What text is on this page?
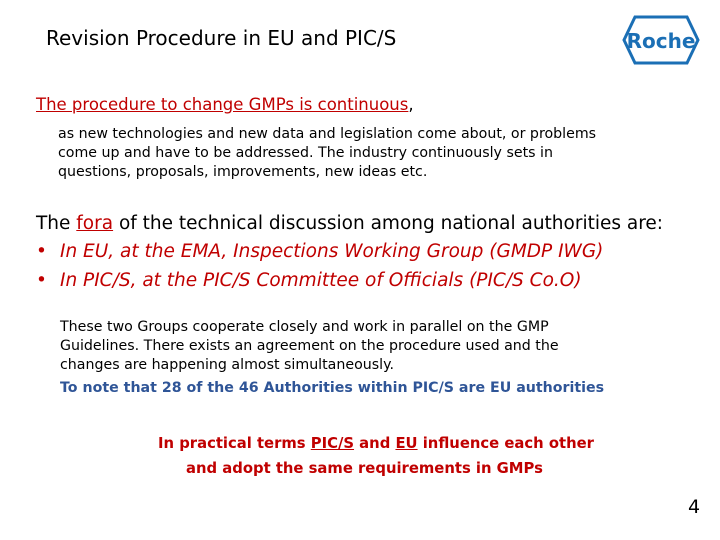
Revision Procedure in EU and PIC/S	Roche
The procedure to change GMPs is continuous,
as new technologies and new data and legislation come about, or problems
come up and have to be addressed. The industry continuously sets in
questions, proposals, improvements, new ideas etc.
The fora of the technical discussion among national authorities are:
• In EU, at the EMA, Inspections Working Group (GMDP IWG)
• In PIC/S, at the PIC/S Committee of Officials (PIC/S Co.O)
These two Groups cooperate closely and work in parallel on the GMP
Guidelines. There exists an agreement on the procedure used and the
changes are happening almost simultaneously.
To note that 28 of the 46 Authorities within PIC/S are EU authorities
In practical terms PIC/S and EU influence each other
and adopt the same requirements in GMPs
4
